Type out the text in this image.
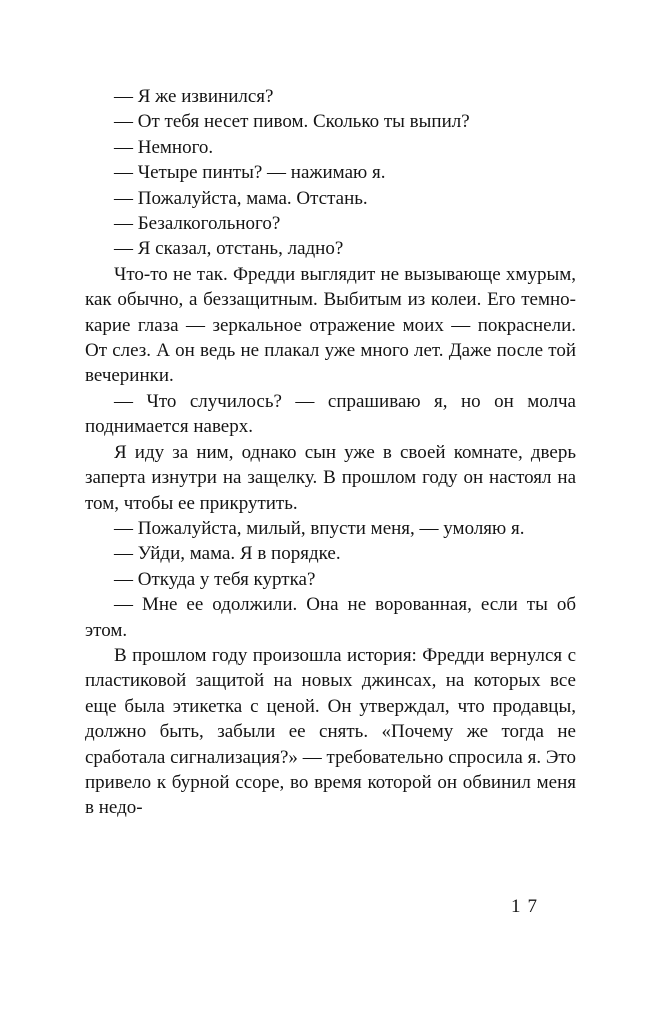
— Я же извинился?

— От тебя несет пивом. Сколько ты выпил?

— Немного.

— Четыре пинты? — нажимаю я.

— Пожалуйста, мама. Отстань.

— Безалкогольного?

— Я сказал, отстань, ладно?

Что-то не так. Фредди выглядит не вызывающе хмурым, как обычно, а беззащитным. Выбитым из колеи. Его темно-карие глаза — зеркальное отражение моих — покраснели. От слез. А он ведь не плакал уже много лет. Даже после той вечеринки.

— Что случилось? — спрашиваю я, но он молча поднимается наверх.

Я иду за ним, однако сын уже в своей комнате, дверь заперта изнутри на защелку. В прошлом году он настоял на том, чтобы ее прикрутить.

— Пожалуйста, милый, впусти меня, — умоляю я.

— Уйди, мама. Я в порядке.

— Откуда у тебя куртка?

— Мне ее одолжили. Она не ворованная, если ты об этом.

В прошлом году произошла история: Фредди вернулся с пластиковой защитой на новых джинсах, на которых все еще была этикетка с ценой. Он утверждал, что продавцы, должно быть, забыли ее снять. «Почему же тогда не сработала сигнализация?» — требовательно спросила я. Это привело к бурной ссоре, во время которой он обвинил меня в недо-

17
